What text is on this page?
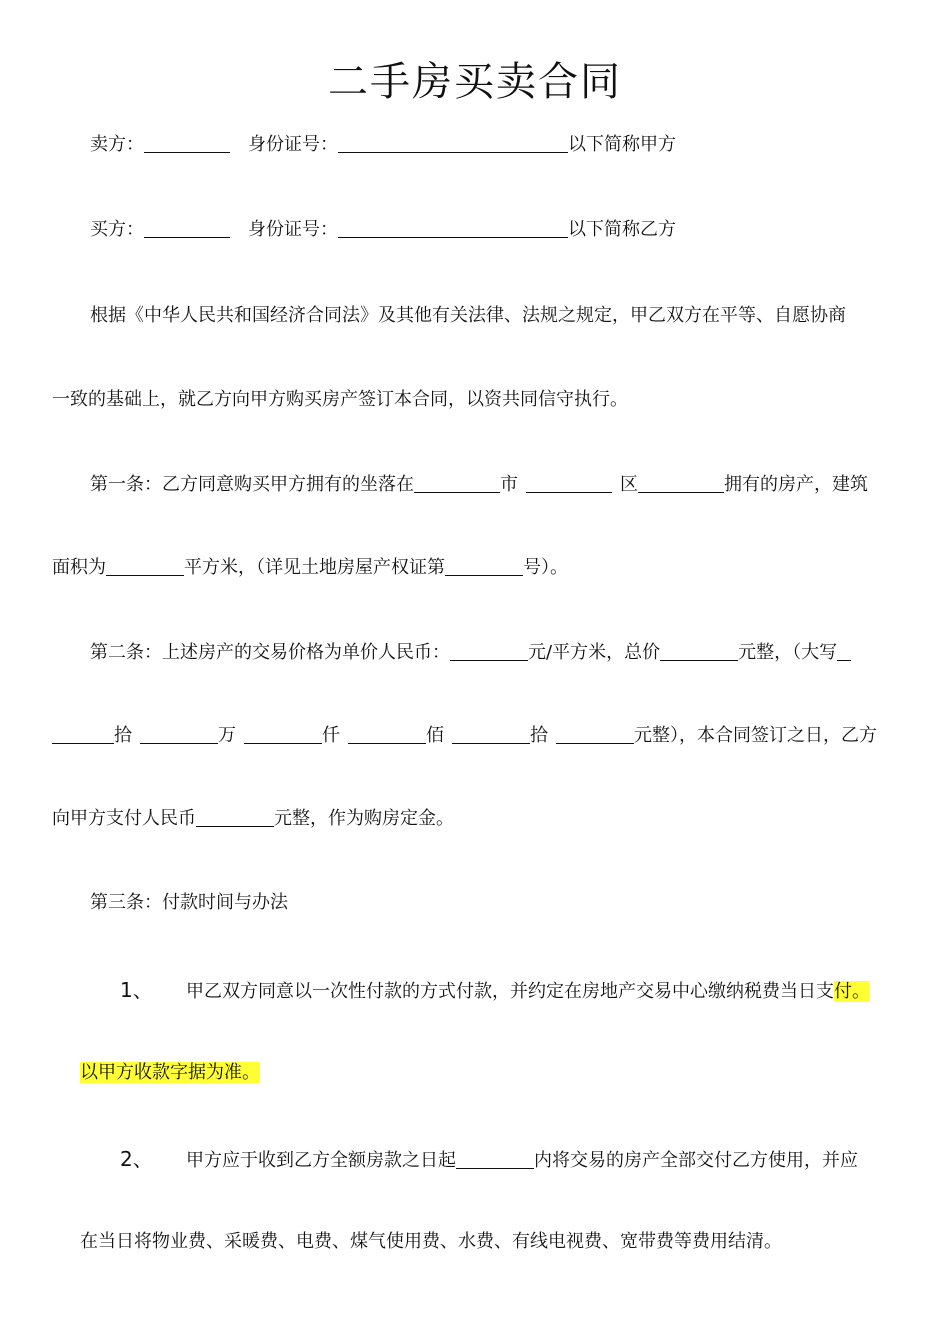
二手房买卖合同
卖方：	身份证号：	以下简称甲方
买方：	身份证号：	以下简称乙方
根据《中华人民共和国经济合同法》及其他有关法律、法规之规定，甲乙双方在平等、自愿协商
一致的基础上，就乙方向甲方购买房产签订本合同，以资共同信守执行。
第一条：乙方同意购买甲方拥有的坐落在	市	区	拥有的房产，建筑
面积为	平方米，（详见土地房屋产权证第	号）。
第二条：上述房产的交易价格为单价人民币：	元/平方米，总价	元整，（大写
拾	万	仟	佰	拾	元整），本合同签订之日，乙方
向甲方支付人民币	元整，作为购房定金。
第三条：付款时间与办法
1、 甲乙双方同意以一次性付款的方式付款，并约定在房地产交易中心缴纳税费当日支付。
以甲方收款字据为准。
2、 甲方应于收到乙方全额房款之日起	内将交易的房产全部交付乙方使用，并应
在当日将物业费、采暖费、电费、煤气使用费、水费、有线电视费、宽带费等费用结清。
